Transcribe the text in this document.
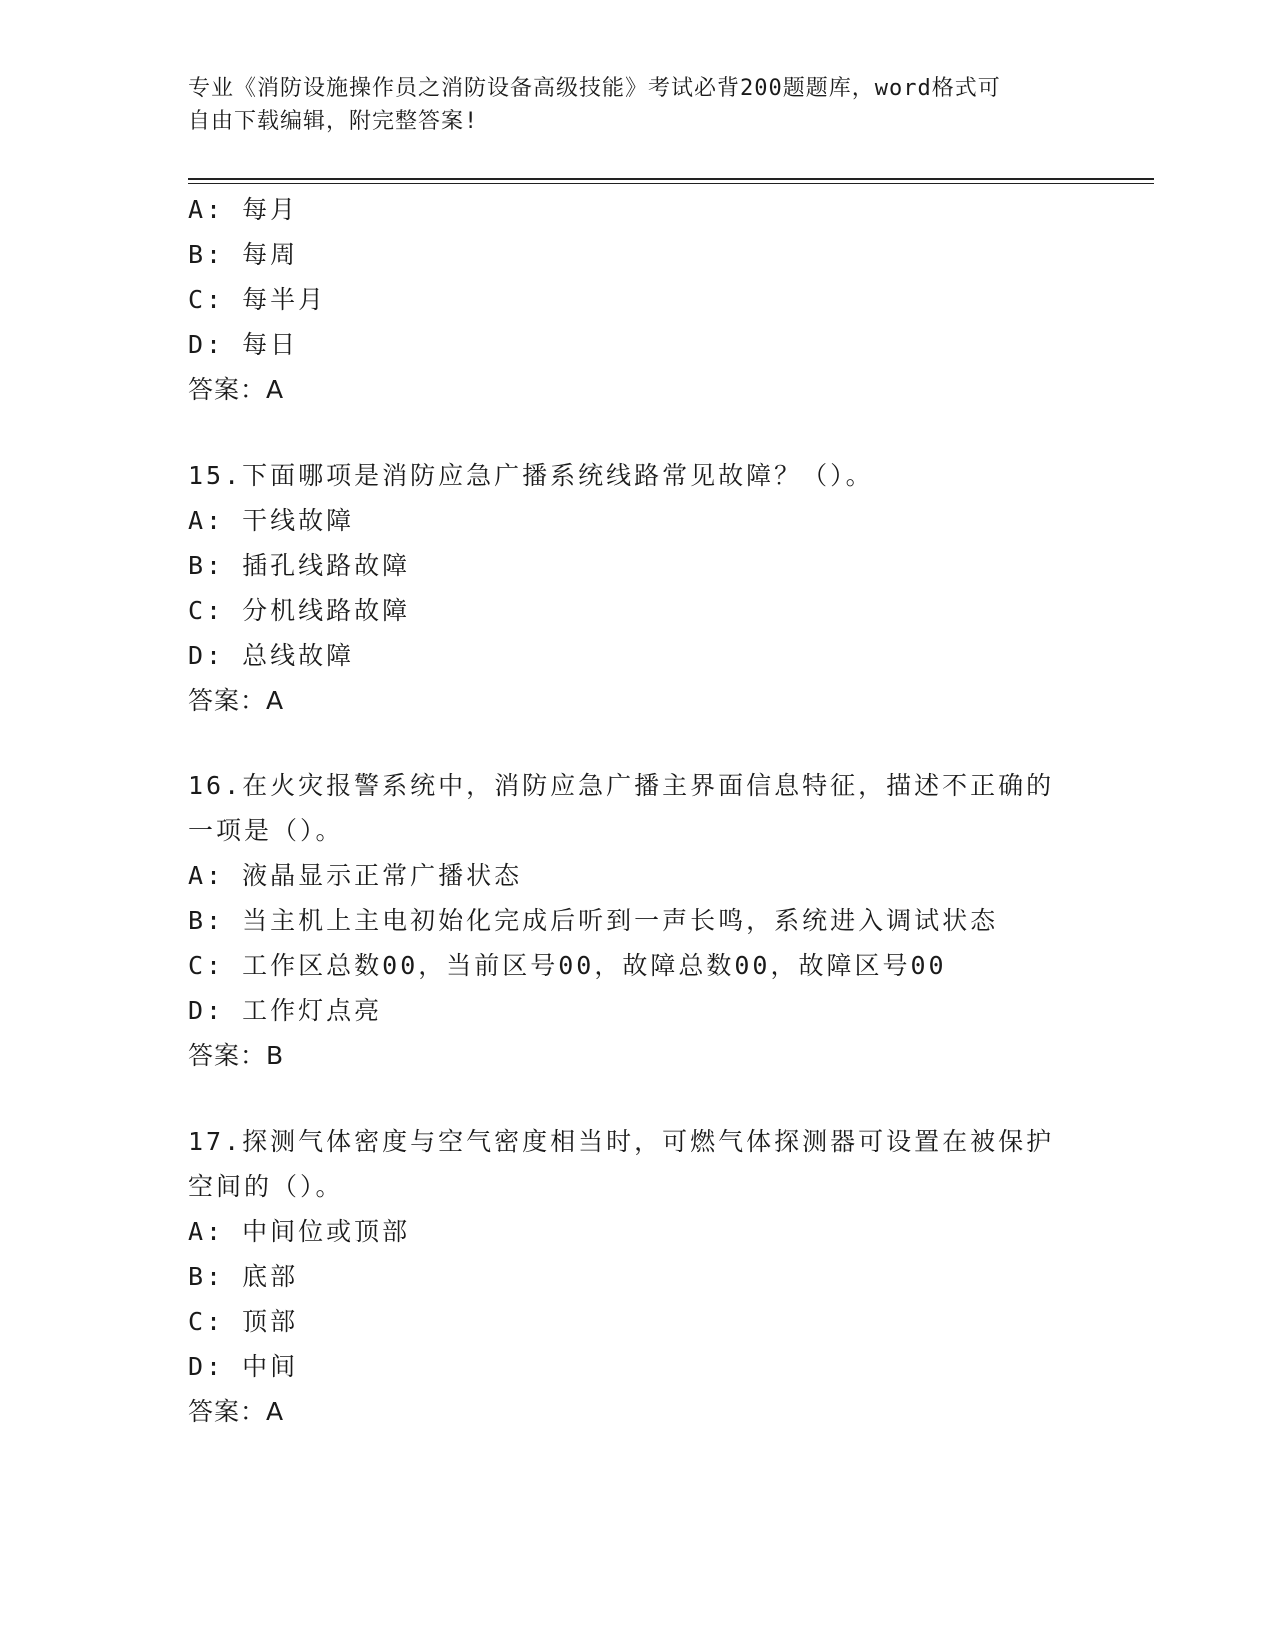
专业《消防设施操作员之消防设备高级技能》考试必背200题题库，word格式可
自由下载编辑，附完整答案!
A: 每月
B: 每周
C: 每半月
D: 每日
答案：A
15.下面哪项是消防应急广播系统线路常见故障？（）。
A: 干线故障
B: 插孔线路故障
C: 分机线路故障
D: 总线故障
答案：A
16.在火灾报警系统中，消防应急广播主界面信息特征，描述不正确的
一项是（）。
A: 液晶显示正常广播状态
B: 当主机上主电初始化完成后听到一声长鸣，系统进入调试状态
C: 工作区总数00，当前区号00，故障总数00，故障区号00
D: 工作灯点亮
答案：B
17.探测气体密度与空气密度相当时，可燃气体探测器可设置在被保护
空间的（）。
A: 中间位或顶部
B: 底部
C: 顶部
D: 中间
答案：A
